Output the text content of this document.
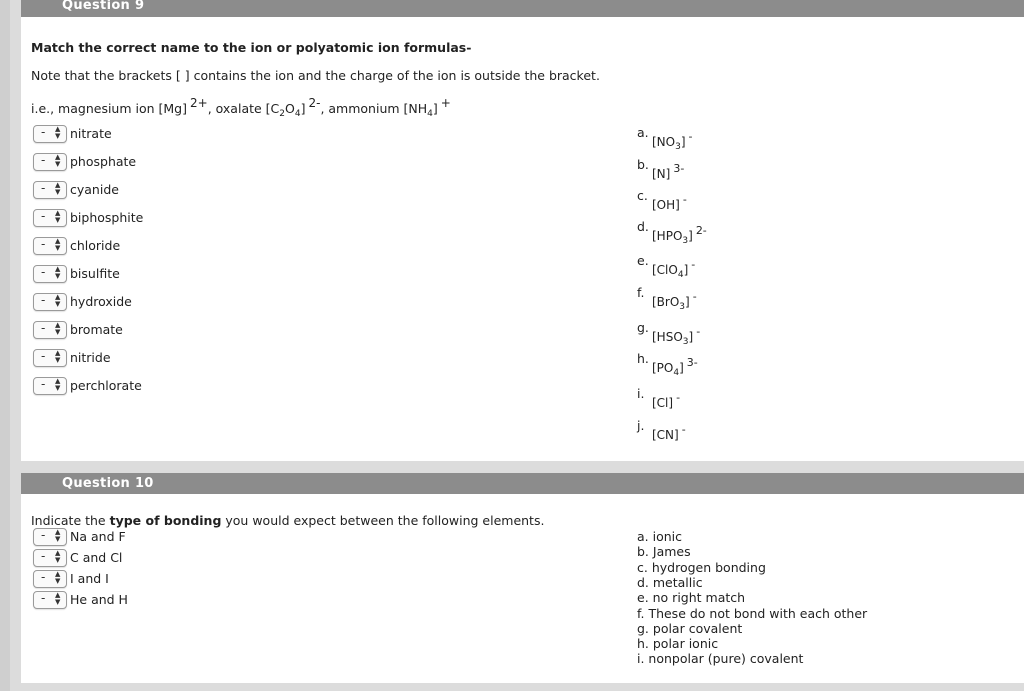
Question 9
Match the correct name to the ion or polyatomic ion formulas-
Note that the brackets [ ] contains the ion and the charge of the ion is outside the bracket.
i.e., magnesium ion [Mg] 2+, oxalate $[C_2O_4]$ 2-, ammonium $[NH_4]$ +
- ▲
▼ nitrate
- ▲
▼ phosphate
- ▲
▼ cyanide
- ▲
▼ biphosphite
- ▲
▼ chloride
- ▲
▼ bisulfite
- ▲
▼ hydroxide
- ▲
▼ bromate
- ▲
▼ nitride
- ▲
▼ perchlorate
a.
$[NO_3]$ -
b.
[N] 3-
c.
[OH] -
d.
$[HPO_3]$ 2-
e.
[ClO$_4$] -
f.
[BrO$_3$] -
g.
$[HSO_3]$ -
h.
$[PO_4]$ 3-
i.
[Cl] -
j.
[CN] -
Question 10
Indicate the type of bonding you would expect between the following elements.
- ▲
▼ Na and F
- ▲
▼ C and Cl
- ▲
▼ I and I
- ▲
▼ He and H
a. ionic
b. James
c. hydrogen bonding
d. metallic
e. no right match
f. These do not bond with each other
g. polar covalent
h. polar ionic
i. nonpolar (pure) covalent
